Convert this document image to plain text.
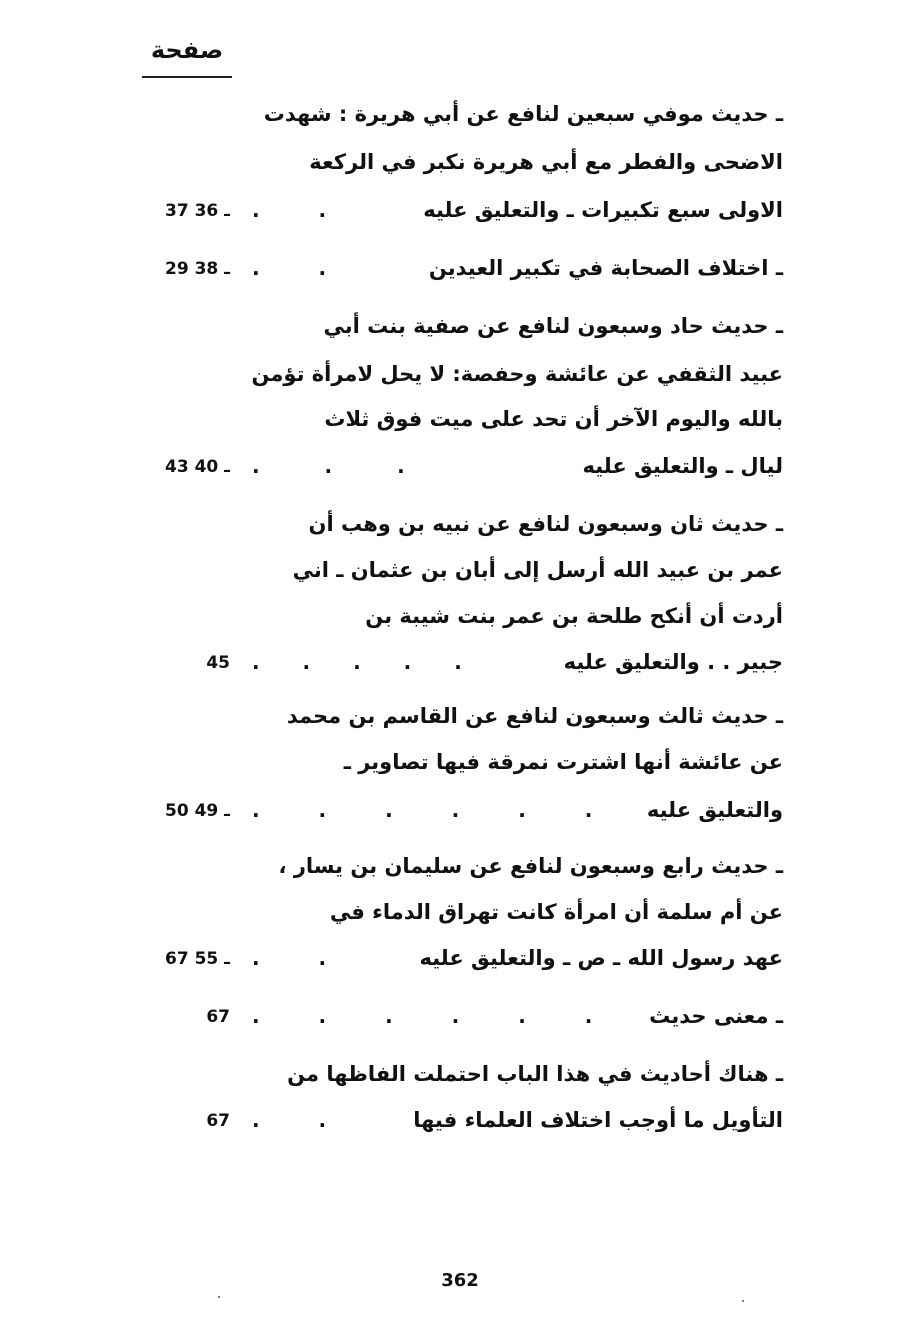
صفحة
ـ حديث موفي سبعين لنافع عن أبي هريرة : شهدت
الاضحى والفطر مع أبي هريرة نكبر في الركعة
الاولى سبع تكبيرات ـ والتعليق عليه
. .
37 ـ 36
ـ اختلاف الصحابة في تكبير العيدين
. .
29 ـ 38
ـ حديث حاد وسبعون لنافع عن صفية بنت أبي
عبيد الثقفي عن عائشة وحفصة: لا يحل لامرأة تؤمن
بالله واليوم الآخر أن تحد على ميت فوق ثلاث
ليال ـ والتعليق عليه
. . .
43 ـ 40
ـ حديث ثان وسبعون لنافع عن نبيه بن وهب أن
عمر بن عبيد الله أرسل إلى أبان بن عثمان ـ اني
أردت أن أنكح طلحة بن عمر بنت شيبة بن
جبير . . والتعليق عليه
. . . . .
45
ـ حديث ثالث وسبعون لنافع عن القاسم بن محمد
عن عائشة أنها اشترت نمرقة فيها تصاوير ـ
والتعليق عليه
. . . . . .
50 ـ 49
ـ حديث رابع وسبعون لنافع عن سليمان بن يسار ،
عن أم سلمة أن امرأة كانت تهراق الدماء في
عهد رسول الله ـ ص ـ والتعليق عليه
. .
67 ـ 55
ـ معنى حديث
. . . . . .
67
ـ هناك أحاديث في هذا الباب احتملت الفاظها من
التأويل ما أوجب اختلاف العلماء فيها
. .
67
362
